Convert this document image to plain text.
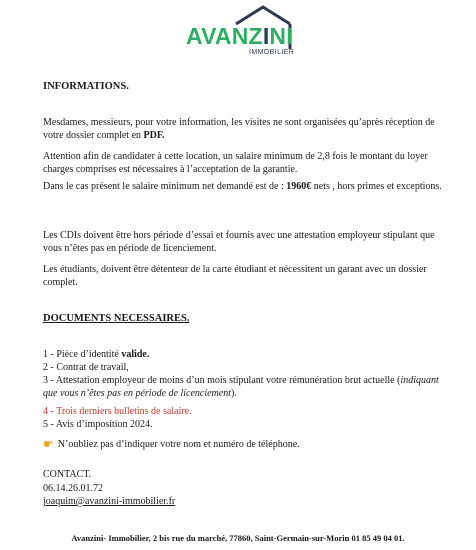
AVANZINI
IMMOBILIER

INFORMATIONS.

Mesdames, messieurs, pour votre information, les visites ne sont organisées qu’après réception de votre dossier complet en PDF.

Attention afin de candidater à cette location, un salaire minimum de 2,8 fois le montant du loyer charges comprises est nécessaires à l’acceptation de la garantie.

Dans le cas présent le salaire minimum net demandé est de : 1960€ nets , hors primes et exceptions.

Les CDIs doivent être hors période d’essai et fournis avec une attestation employeur stipulant que vous n’êtes pas en période de licenciement.

Les étudiants, doivent être détenteur de la carte étudiant et nécessitent un garant avec un dossier complet.

DOCUMENTS NECESSAIRES.

1 - Pièce d’identité valide.

2 - Contrat de travail,

3 - Attestation employeur de moins d’un mois stipulant votre rémunération brut actuelle (indiquant que vous n’êtes pas en période de licenciement).

4 - Trois derniers bulletins de salaire.

5 - Avis d’imposition 2024.

☛ N’oubliez pas d’indiquer votre nom et numéro de téléphone.

CONTACT.

06.14.26.01.72

joaquim@avanzini-immobilier.fr

Avanzini- Immobilier, 2 bis rue du marché, 77860, Saint-Germain-sur-Morin 01 85 49 04 01.
